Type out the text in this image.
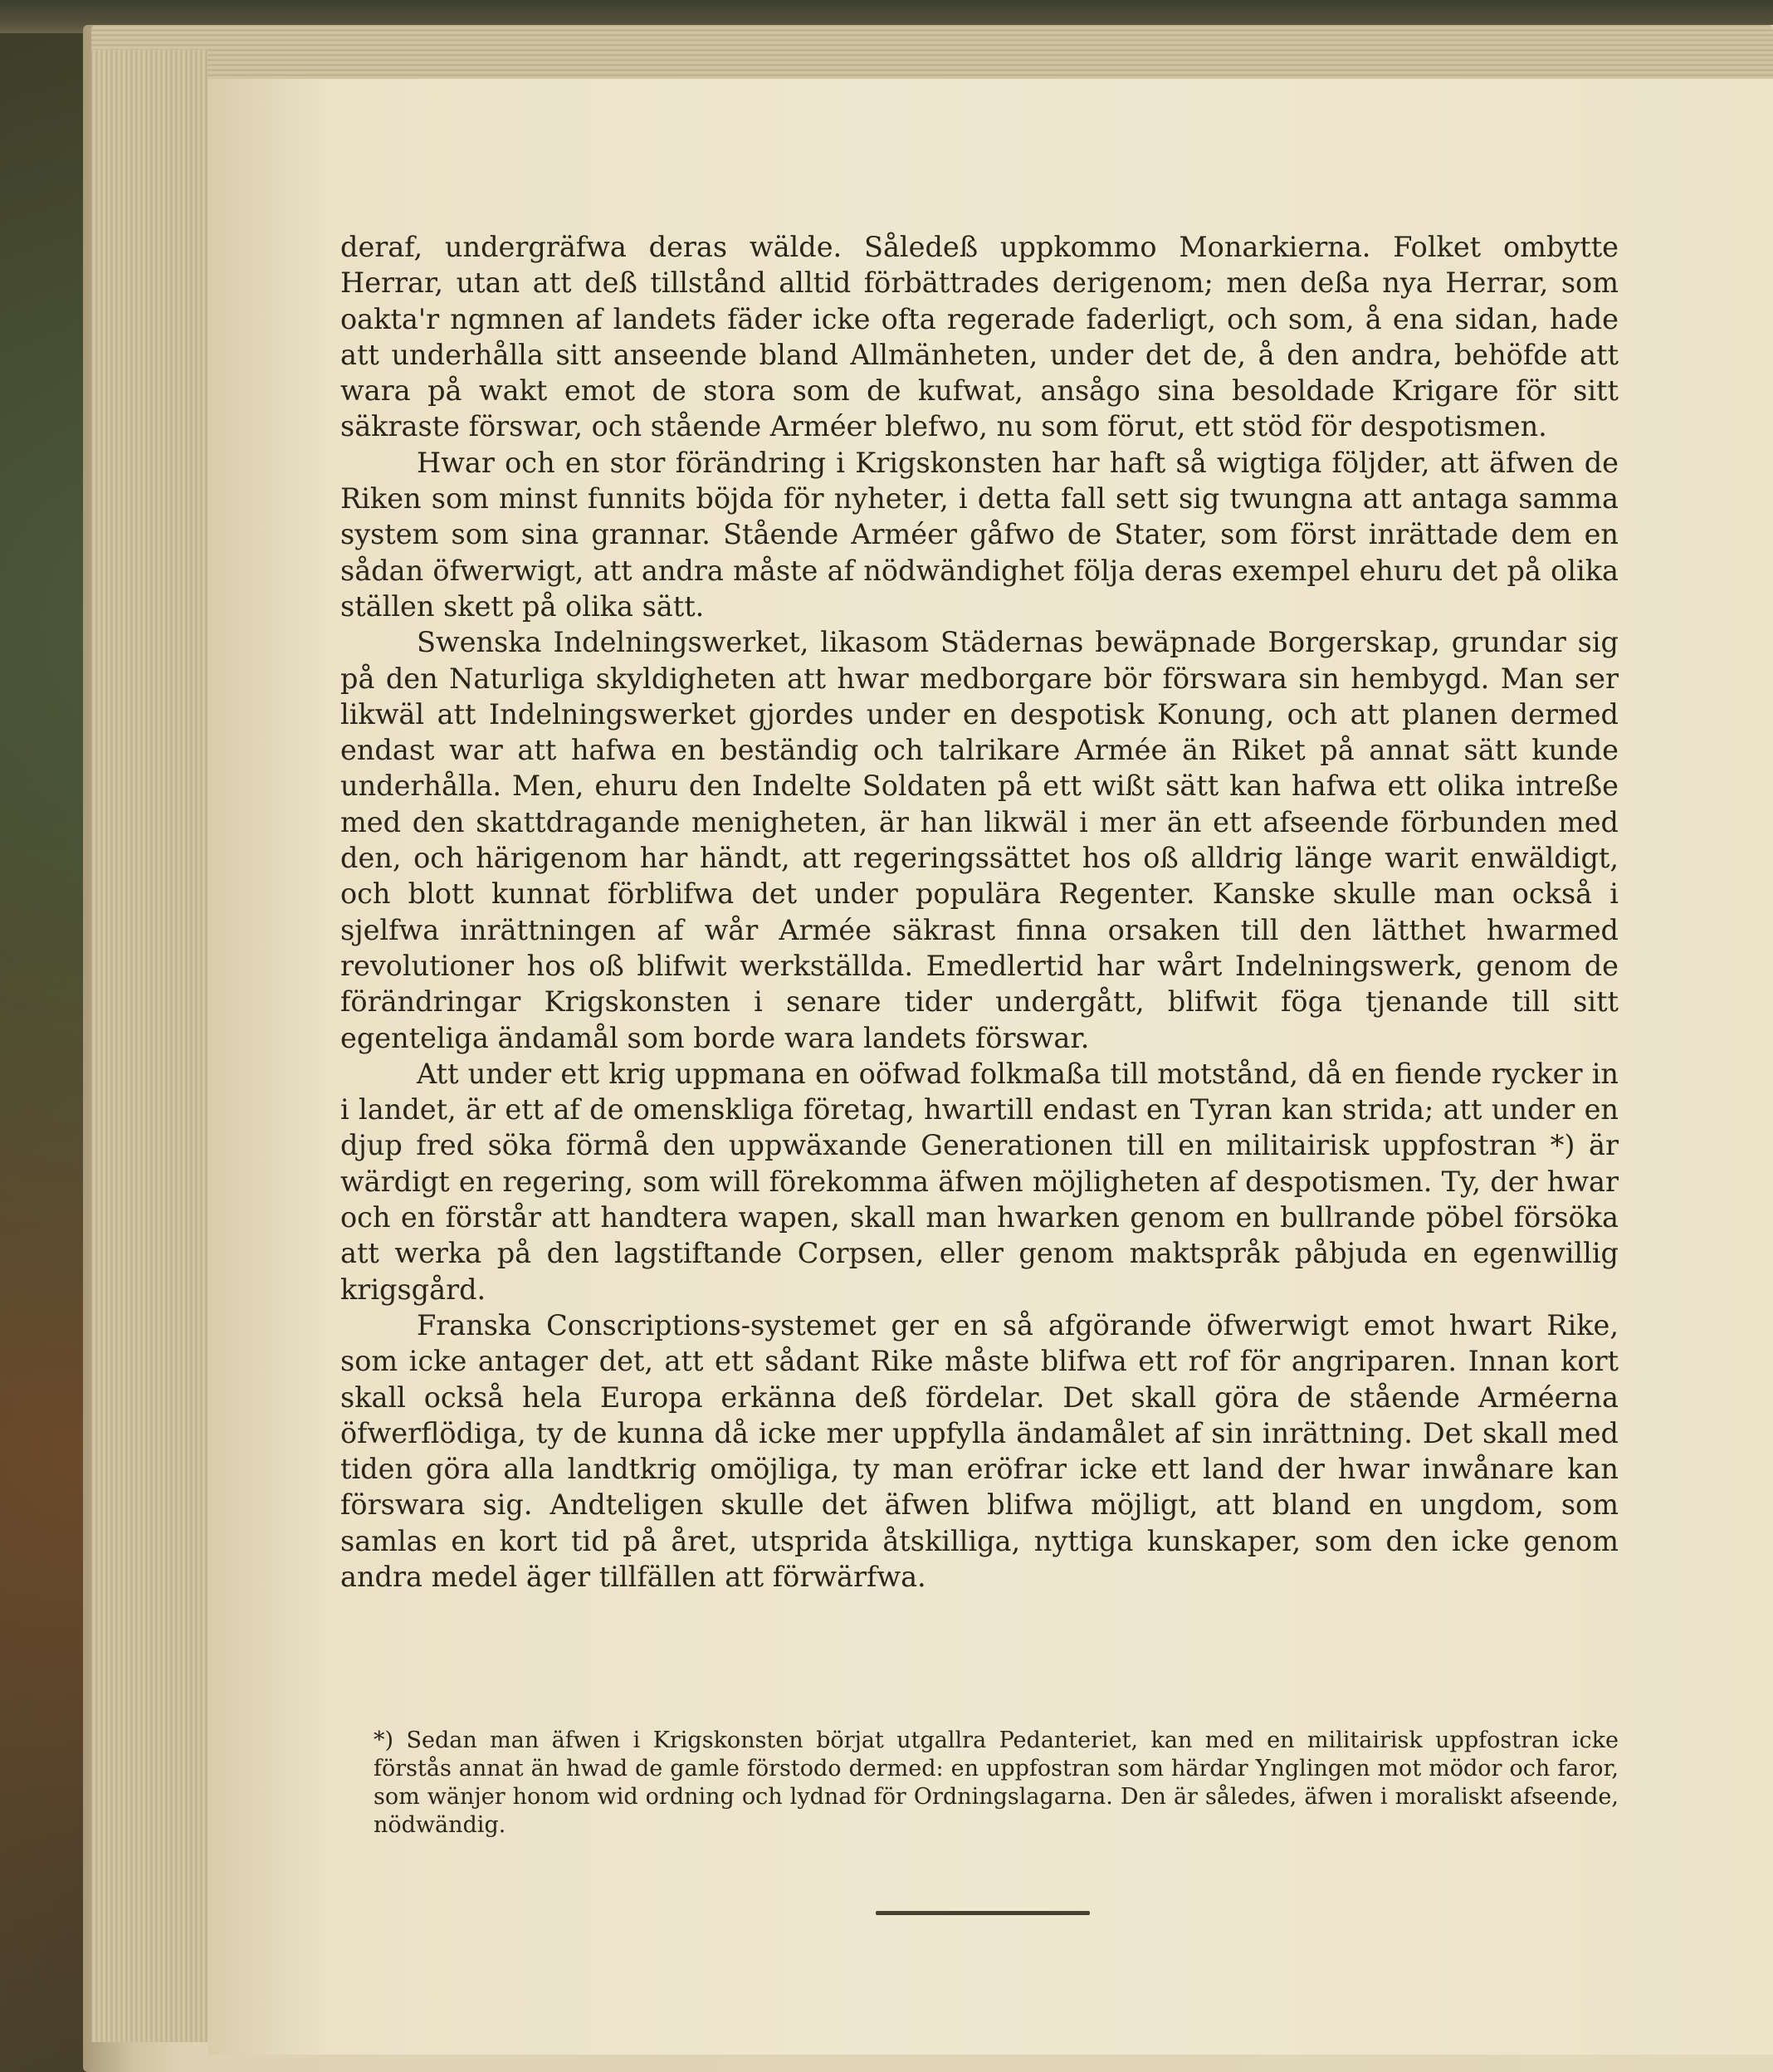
deraf, undergräfwa deras wälde. Såledeß uppkommo Monarkierna. Folket ombytte Herrar, utan att deß tillstånd alltid förbättrades derigenom; men deßa nya Herrar, som oakta'r ngmnen af landets fäder icke ofta regerade faderligt, och som, å ena sidan, hade att underhålla sitt anseende bland Allmänheten, under det de, å den andra, behöfde att wara på wakt emot de stora som de kufwat, ansågo sina besoldade Krigare för sitt säkraste förswar, och stående Arméer blefwo, nu som förut, ett stöd för despotismen.

Hwar och en stor förändring i Krigskonsten har haft så wigtiga följder, att äfwen de Riken som minst funnits böjda för nyheter, i detta fall sett sig twungna att antaga samma system som sina grannar. Stående Arméer gåfwo de Stater, som först inrättade dem en sådan öfwerwigt, att andra måste af nödwändighet följa deras exempel ehuru det på olika ställen skett på olika sätt.

Swenska Indelningswerket, likasom Städernas bewäpnade Borgerskap, grundar sig på den Naturliga skyldigheten att hwar medborgare bör förswara sin hembygd. Man ser likwäl att Indelningswerket gjordes under en despotisk Konung, och att planen dermed endast war att hafwa en beständig och talrikare Armée än Riket på annat sätt kunde underhålla. Men, ehuru den Indelte Soldaten på ett wißt sätt kan hafwa ett olika intreße med den skattdragande menigheten, är han likwäl i mer än ett afseende förbunden med den, och härigenom har händt, att regeringssättet hos oß alldrig länge warit enwäldigt, och blott kunnat förblifwa det under populära Regenter. Kanske skulle man också i sjelfwa inrättningen af wår Armée säkrast finna orsaken till den lätthet hwarmed revolutioner hos oß blifwit werkställda. Emedlertid har wårt Indelningswerk, genom de förändringar Krigskonsten i senare tider undergått, blifwit föga tjenande till sitt egenteliga ändamål som borde wara landets förswar.

Att under ett krig uppmana en oöfwad folkmaßa till motstånd, då en fiende rycker in i landet, är ett af de omenskliga företag, hwartill endast en Tyran kan strida; att under en djup fred söka förmå den uppwäxande Generationen till en militairisk uppfostran *) är wärdigt en regering, som will förekomma äfwen möjligheten af despotismen. Ty, der hwar och en förstår att handtera wapen, skall man hwarken genom en bullrande pöbel försöka att werka på den lagstiftande Corpsen, eller genom maktspråk påbjuda en egenwillig krigsgård.

Franska Conscriptions-systemet ger en så afgörande öfwerwigt emot hwart Rike, som icke antager det, att ett sådant Rike måste blifwa ett rof för angriparen. Innan kort skall också hela Europa erkänna deß fördelar. Det skall göra de stående Arméerna öfwerflödiga, ty de kunna då icke mer uppfylla ändamålet af sin inrättning. Det skall med tiden göra alla landtkrig omöjliga, ty man eröfrar icke ett land der hwar inwånare kan förswara sig. Andteligen skulle det äfwen blifwa möjligt, att bland en ungdom, som samlas en kort tid på året, utsprida åtskilliga, nyttiga kunskaper, som den icke genom andra medel äger tillfällen att förwärfwa.

*) Sedan man äfwen i Krigskonsten börjat utgallra Pedanteriet, kan med en militairisk uppfostran icke förstås annat än hwad de gamle förstodo dermed: en uppfostran som härdar Ynglingen mot mödor och faror, som wänjer honom wid ordning och lydnad för Ordningslagarna. Den är således, äfwen i moraliskt afseende, nödwändig.
